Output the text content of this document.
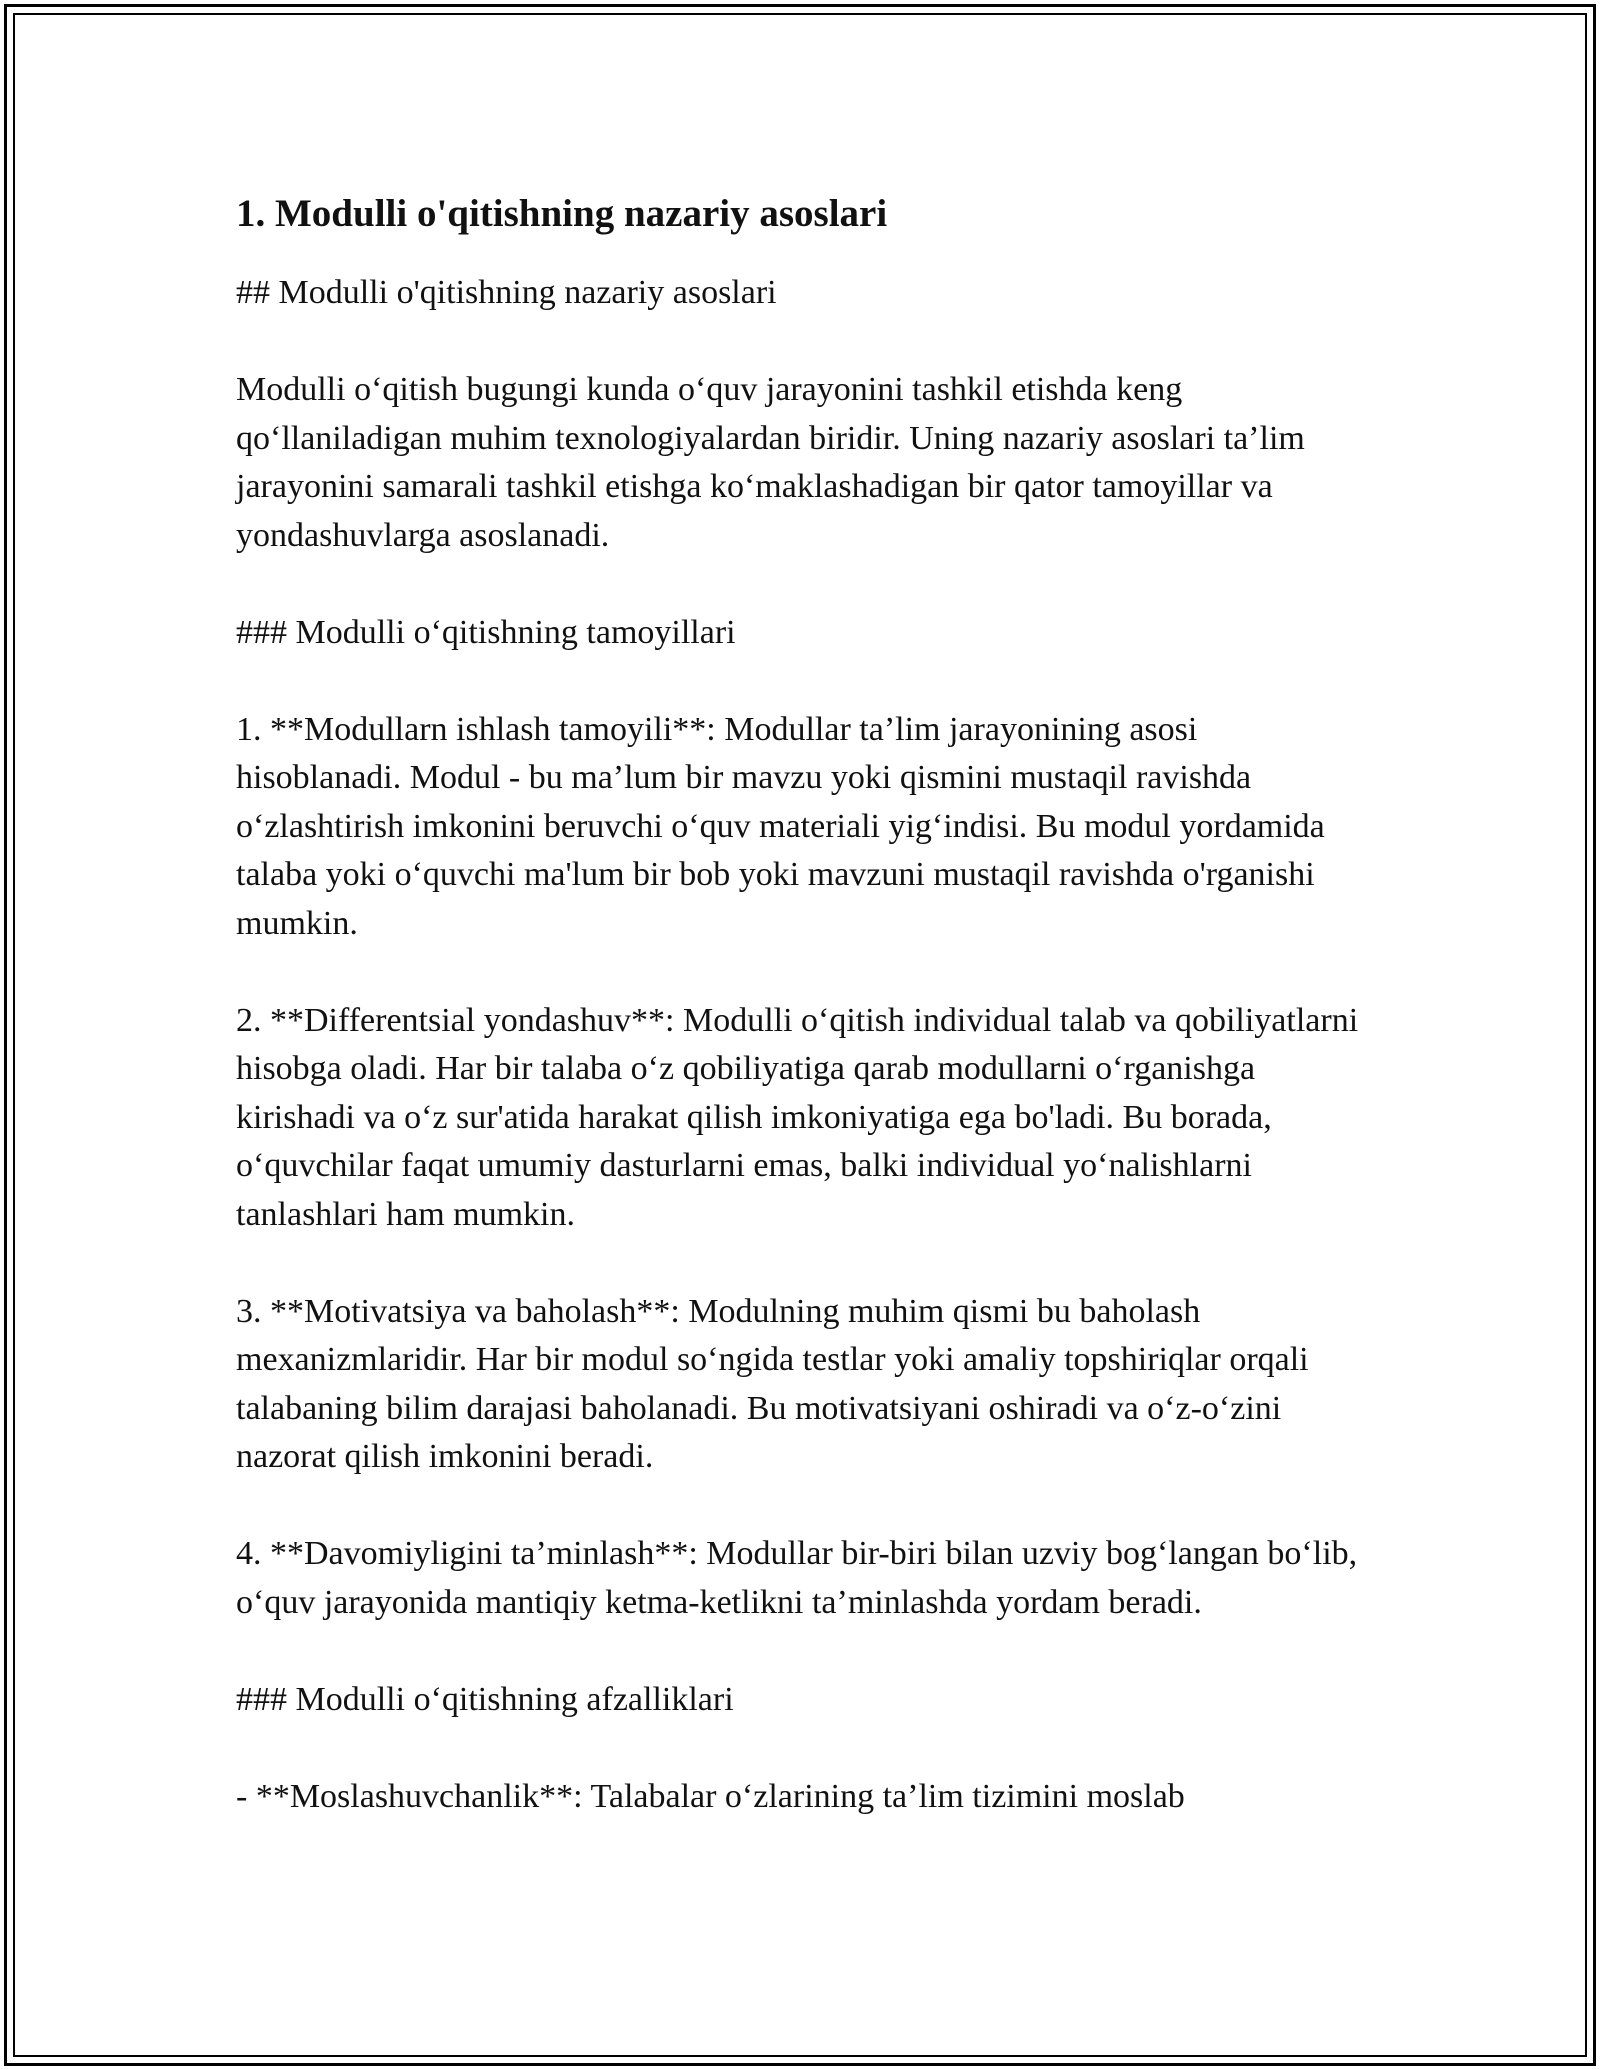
1. Modulli o'qitishning nazariy asoslari

## Modulli o'qitishning nazariy asoslari

Modulli o‘qitish bugungi kunda o‘quv jarayonini tashkil etishda keng qo‘llaniladigan muhim texnologiyalardan biridir. Uning nazariy asoslari ta’lim jarayonini samarali tashkil etishga ko‘maklashadigan bir qator tamoyillar va yondashuvlarga asoslanadi.

### Modulli o‘qitishning tamoyillari

1. **Modullarn ishlash tamoyili**: Modullar ta’lim jarayonining asosi hisoblanadi. Modul - bu ma’lum bir mavzu yoki qismini mustaqil ravishda o‘zlashtirish imkonini beruvchi o‘quv materiali yig‘indisi. Bu modul yordamida talaba yoki o‘quvchi ma'lum bir bob yoki mavzuni mustaqil ravishda o'rganishi mumkin.

2. **Differentsial yondashuv**: Modulli o‘qitish individual talab va qobiliyatlarni hisobga oladi. Har bir talaba o‘z qobiliyatiga qarab modullarni o‘rganishga kirishadi va o‘z sur'atida harakat qilish imkoniyatiga ega bo'ladi. Bu borada, o‘quvchilar faqat umumiy dasturlarni emas, balki individual yo‘nalishlarni tanlashlari ham mumkin.

3. **Motivatsiya va baholash**: Modulning muhim qismi bu baholash mexanizmlaridir. Har bir modul so‘ngida testlar yoki amaliy topshiriqlar orqali talabaning bilim darajasi baholanadi. Bu motivatsiyani oshiradi va o‘z-o‘zini nazorat qilish imkonini beradi.

4. **Davomiyligini ta’minlash**: Modullar bir-biri bilan uzviy bog‘langan bo‘lib, o‘quv jarayonida mantiqiy ketma-ketlikni ta’minlashda yordam beradi.

### Modulli o‘qitishning afzalliklari

- **Moslashuvchanlik**: Talabalar o‘zlarining ta’lim tizimini moslab
